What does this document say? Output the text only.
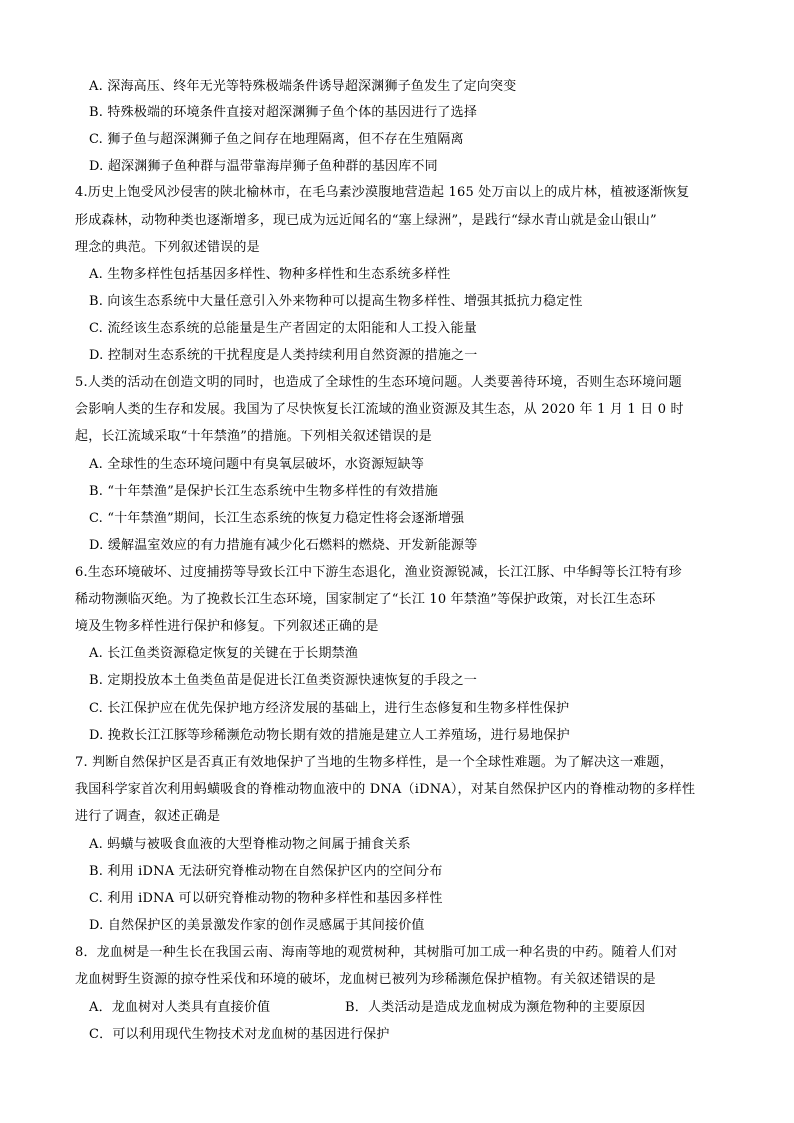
A. 深海高压、终年无光等特殊极端条件诱导超深渊狮子鱼发生了定向突变
B. 特殊极端的环境条件直接对超深渊狮子鱼个体的基因进行了选择
C. 狮子鱼与超深渊狮子鱼之间存在地理隔离，但不存在生殖隔离
D. 超深渊狮子鱼种群与温带靠海岸狮子鱼种群的基因库不同
4.历史上饱受风沙侵害的陕北榆林市，在毛乌素沙漠腹地营造起 165 处万亩以上的成片林，植被逐渐恢复
形成森林，动物种类也逐渐增多，现已成为远近闻名的“塞上绿洲”，是践行“绿水青山就是金山银山”
理念的典范。下列叙述错误的是
A. 生物多样性包括基因多样性、物种多样性和生态系统多样性
B. 向该生态系统中大量任意引入外来物种可以提高生物多样性、增强其抵抗力稳定性
C. 流经该生态系统的总能量是生产者固定的太阳能和人工投入能量
D. 控制对生态系统的干扰程度是人类持续利用自然资源的措施之一
5.人类的活动在创造文明的同时，也造成了全球性的生态环境问题。人类要善待环境，否则生态环境问题
会影响人类的生存和发展。我国为了尽快恢复长江流域的渔业资源及其生态，从 2020 年 1 月 1 日 0 时
起，长江流域采取“十年禁渔”的措施。下列相关叙述错误的是
A. 全球性的生态环境问题中有臭氧层破坏，水资源短缺等
B. “十年禁渔”是保护长江生态系统中生物多样性的有效措施
C. “十年禁渔”期间，长江生态系统的恢复力稳定性将会逐渐增强
D. 缓解温室效应的有力措施有减少化石燃料的燃烧、开发新能源等
6.生态环境破坏、过度捕捞等导致长江中下游生态退化，渔业资源锐减，长江江豚、中华鲟等长江特有珍
稀动物濒临灭绝。为了挽救长江生态环境，国家制定了“长江 10 年禁渔”等保护政策，对长江生态环
境及生物多样性进行保护和修复。下列叙述正确的是
A. 长江鱼类资源稳定恢复的关键在于长期禁渔
B. 定期投放本土鱼类鱼苗是促进长江鱼类资源快速恢复的手段之一
C. 长江保护应在优先保护地方经济发展的基础上，进行生态修复和生物多样性保护
D. 挽救长江江豚等珍稀濒危动物长期有效的措施是建立人工养殖场，进行易地保护
7. 判断自然保护区是否真正有效地保护了当地的生物多样性，是一个全球性难题。为了解决这一难题，
我国科学家首次利用蚂蟥吸食的脊椎动物血液中的 DNA（iDNA），对某自然保护区内的脊椎动物的多样性
进行了调查，叙述正确是
A. 蚂蟥与被吸食血液的大型脊椎动物之间属于捕食关系
B. 利用 iDNA 无法研究脊椎动物在自然保护区内的空间分布
C. 利用 iDNA 可以研究脊椎动物的物种多样性和基因多样性
D. 自然保护区的美景激发作家的创作灵感属于其间接价值
8．龙血树是一种生长在我国云南、海南等地的观赏树种，其树脂可加工成一种名贵的中药。随着人们对
龙血树野生资源的掠夺性采伐和环境的破坏，龙血树已被列为珍稀濒危保护植物。有关叙述错误的是
A．龙血树对人类具有直接价值	B．人类活动是造成龙血树成为濒危物种的主要原因
C．可以利用现代生物技术对龙血树的基因进行保护
